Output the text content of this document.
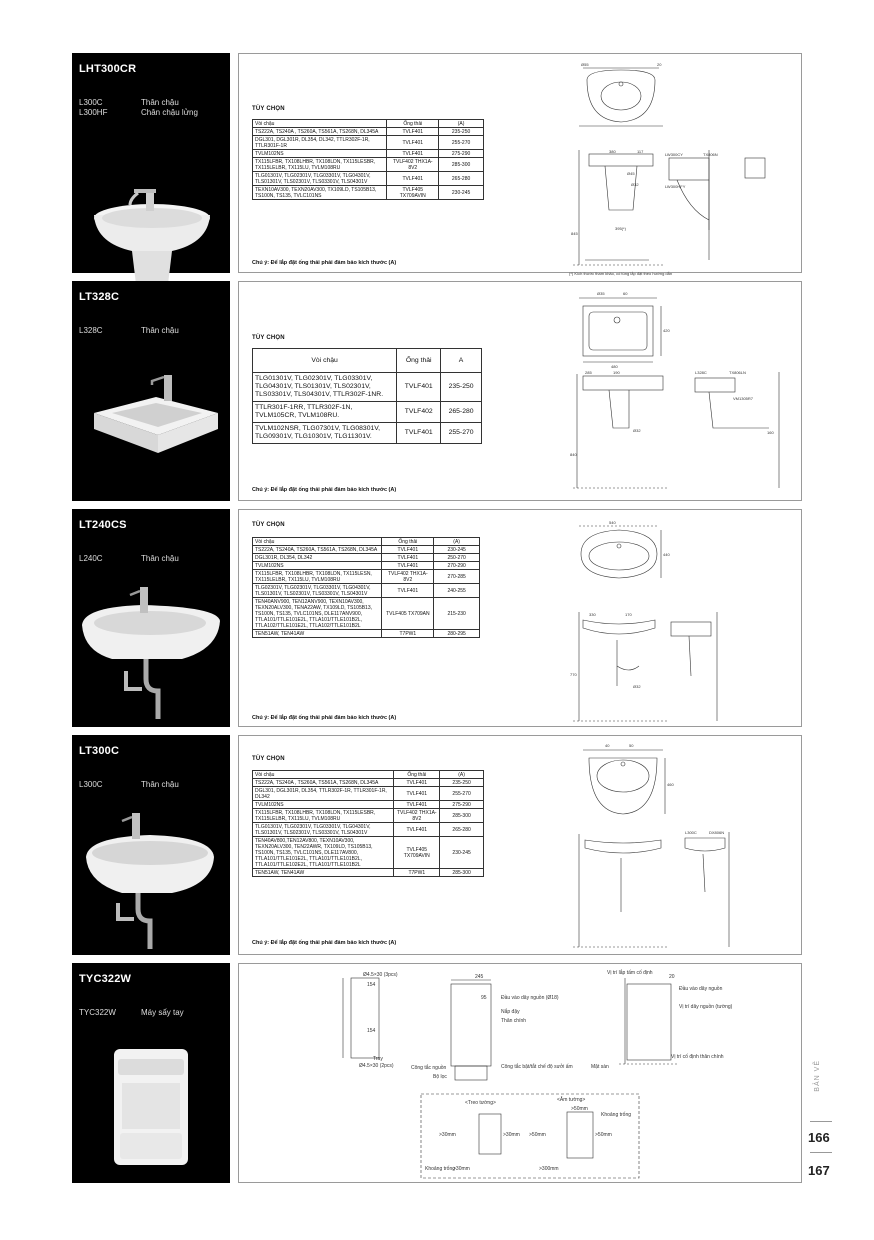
LHT300CR
L300C
L300HF
Thân chậu
Chân chậu lửng	TÙY CHỌN
Vòi chậu	Ống thải	(A)
TS222A, TS240A , TS260A, TS561A, TS268N, DL345A	TVLF401	235-250
DGL301, DGL301R, DL354, DL342, TTLR302F-1R, TTLR301F-1R	TVLF401	255-270
TVLM102NS	TVLF401	275-290
TX115LFBR, TX108LHBR, TX108LDN, TX115LESBR, TX115LELBR, TX115LU, TVLM108RU	TVLF402 THX1A-8V2	285-300
TLG01301V, TLG02301V, TLG03301V, TLG04301V, TLS01301V, TLS02301V, TLS03301V, TLS04301V	TVLF401	265-280
TEXN10AV300, TEXN20AV300, TX109LD, TS105B13, TS100N, TS135, TVLC101NS	TVLF405 TX709AVIN	230-245
Chú ý: Để lắp đặt ống thải phải đảm bảo kích thước (A)
Ø55	20
380	117
LW300CY	TX806N
Ø45
Ø32
845
395(*)
LW300HFY
(*) Kích thước tham khảo, có tùng lắp đặt theo hướng dẫn
LT328C
L328C	Thân chậu
TÙY CHỌN
Vòi chậu	Ống thải	A
TLG01301V, TLG02301V, TLG03301V, TLG04301V, TLS01301V, TLS02301V, TLS03301V, TLS04301V, TTLR302F-1NR.	TVLF401	235-250
TTLR301F-1RR, TTLR302F-1N, TVLM105CR, TVLM108RU.	TVLF402	265-280
TVLM102NSR, TLG07301V, TLG08301V, TLG09301V, TLG10301V, TLG11301V.	TVLF401	255-270
Chú ý: Để lắp đặt ống thải phải đảm bảo kích thước (A)
Ø35	60
480
420
285	190
Ø32
840
L328C	TX806LN
VM1305R7
160
LT240CS
L240C	Thân chậu
TÙY CHỌN
Vòi chậu	Ống thải	(A)
TS222A, TS240A, TS260A, TS561A, TS268N, DL345A	TVLF401	230-245
DGL301R, DL354, DL342	TVLF401	250-270
TVLM102NS	TVLF401	270-290
TX115LFBR, TX108LHBR, TX108LDN, TX115LESN, TX115LELBR, TX115LU, TVLM108RU	TVLF402 THX1A-8V2	270-285
TLG02301V, TLG02301V, TLG03301V, TLG04301V, TLS01301V, TLS02301V, TLS03301V, TLS04301V	TVLF401	240-255
TEN40ANV900, TEN12ANV900, TEXN10AV300, TEXN20ALV300, TENA22AW, TX109LD, TS105B13, TS100N, TS135, TVLC101NS, DLE117ANV900, TTLA101/TTLE101E2L, TTLA101/TTLE101B2L, TTLA102/TTLE101E2L, TTLA102/TTLE101B2L	TVLF405 TX709AN	215-230
TEN51AW, TEN41AW	T7PW1	280-295
Chú ý: Để lắp đặt ống thải phải đảm bảo kích thước (A)
540
440
330	170
770
Ø32
LT300C
L300C	Thân chậu
TÙY CHỌN
Vòi chậu	Ống thải	(A)
TS222A, TS240A , TS260A, TS561A, TS268N, DL345A	TVLF401	235-250
DGL301, DGL301R, DL354, TTLR302F-1R, TTLR301F-1R, DL342	TVLF401	255-270
TVLM102NS	TVLF401	275-290
TX115LFBR, TX108LHBR, TX108LDN, TX115LESBR, TX115LELBR, TX115LU, TVLM108RU	TVLF402 THX1A-8V2	285-300
TLG01301V, TLG02301V, TLG03301V, TLG04301V, TLS01301V, TLS02301V, TLS03301V, TLS04301V	TVLF401	265-280
TEN40AV800,TEN12AV800, TEXN10AV300, TEXN20ALV300, TEN22AWR, TX109LD, TS105B13, TS100N, TS135, TVLC101NS, DLE117AV800, TTLA101/TTLE101E2L, TTLA101/TTLE101B2L, TTLA101/TTLE102E2L, TTLA101/TTLE101B2L	TVLF405 TX709AVIN	230-245
TEN51AW, TEN41AW	T7PW1	285-300
Chú ý: Để lắp đặt ống thải phải đảm bảo kích thước (A)
40	50
460
L300C	DX806N
TYC322W
TYC322W	Máy sấy tay
Ø4.5×30 (3pcs)
154
154
Tray
Ø4.5×30 (2pcs)
245
95	Đầu vào dây nguồn (Ø18)
Nắp đậy
Thân chính
Công tắc nguồn
Bộ lọc
Công tắc bật/tắt chế độ sưởi ấm
Vị trí lắp tấm cố định
20
Đầu vào dây nguồn
Vị trí dây nguồn (tường)
Vị trí cố định thân chính
Mặt sàn
<Treo tường>	<Âm tường>
Khoảng trống
Khoảng trống
>50mm
>30mm	>30mm >50mm	>50mm
>30mm	>300mm
BẢN VẼ
166
167
